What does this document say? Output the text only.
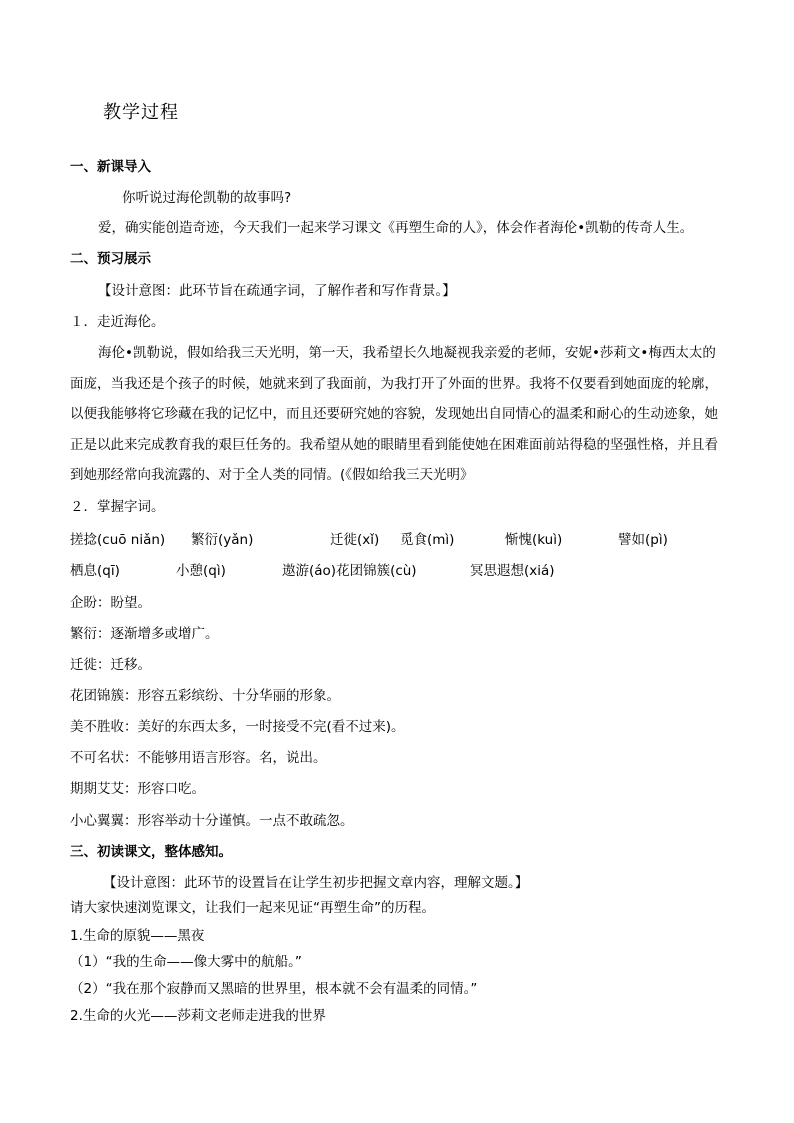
教学过程
一、新课导入
你听说过海伦凯勒的故事吗?
爱，确实能创造奇迹，今天我们一起来学习课文《再塑生命的人》，体会作者海伦•凯勒的传奇人生。
二、预习展示
【设计意图：此环节旨在疏通字词，了解作者和写作背景。】
１．走近海伦。
海伦•凯勒说，假如给我三天光明，第一天，我希望长久地凝视我亲爱的老师，安妮•莎莉文•梅西太太的面庞，当我还是个孩子的时候，她就来到了我面前，为我打开了外面的世界。我将不仅要看到她面庞的轮廓，以便我能够将它珍藏在我的记忆中，而且还要研究她的容貌，发现她出自同情心的温柔和耐心的生动迹象，她正是以此来完成教育我的艰巨任务的。我希望从她的眼睛里看到能使她在困难面前站得稳的坚强性格，并且看到她那经常向我流露的、对于全人类的同情。(《假如给我三天光明》
２．掌握字词。
搓捻(cuō niǎn) 繁衍(yǎn)	迁徙(xǐ) 觅食(mì)	惭愧(kuì)	譬如(pì)
栖息(qī)	小憩(qì)	遨游(áo)花团锦簇(cù)	冥思遐想(xiá)
企盼：盼望。
繁衍：逐渐增多或增广。
迁徙：迁移。
花团锦簇：形容五彩缤纷、十分华丽的形象。
美不胜收：美好的东西太多，一时接受不完(看不过来)。
不可名状：不能够用语言形容。名，说出。
期期艾艾：形容口吃。
小心翼翼：形容举动十分谨慎。一点不敢疏忽。
三、初读课文，整体感知。
【设计意图：此环节的设置旨在让学生初步把握文章内容，理解文题。】
请大家快速浏览课文，让我们一起来见证“再塑生命”的历程。
1.生命的原貌——黑夜
（1）“我的生命——像大雾中的航船。”
（2）“我在那个寂静而又黑暗的世界里，根本就不会有温柔的同情。”
2.生命的火光——莎莉文老师走进我的世界
